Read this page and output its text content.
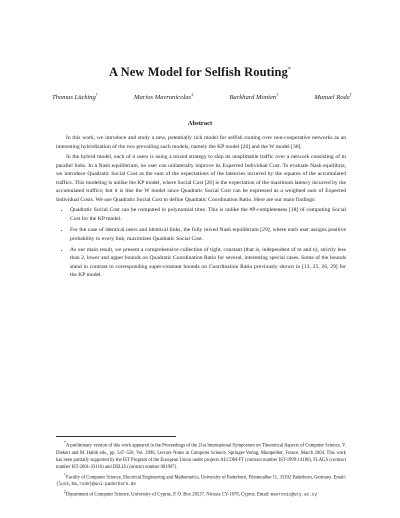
A New Model for Selfish Routing*
Thomas Lücking†	Marios Mavronicolas‡	Burkhard Monien†	Manuel Rode†
Abstract

In this work, we introduce and study a new, potentially rich model for selfish routing over non-cooperative networks as an interesting hybridization of the two prevailing such models, namely the KP model [26] and the W model [36].

In the hybrid model, each of n users is using a mixed strategy to ship its unsplittable traffic over a network consisting of m parallel links. In a Nash equilibrium, no user can unilaterally improve its Expected Individual Cost. To evaluate Nash equilibria, we introduce Quadratic Social Cost as the sum of the expectations of the latencies incurred by the squares of the accumulated traffics. This modeling is unlike the KP model, where Social Cost [26] is the expectation of the maximum latency incurred by the accumulated traffics; but it is like the W model since Quadratic Social Cost can be expressed as a weighted sum of Expected Individual Costs. We use Quadratic Social Cost to define Quadratic Coordination Ratio. Here are our main findings:

• Quadratic Social Cost can be computed in polynomial time. This is unlike the #P-completeness [18] of computing Social Cost for the KP model.
• For the case of identical users and identical links, the fully mixed Nash equilibrium [29], where each user assigns positive probability to every link, maximizes Quadratic Social Cost.
• As our main result, we present a comprehensive collection of tight, constant (that is, independent of m and n), strictly less than 2, lower and upper bounds on Quadratic Coordination Ratio for several, interesting special cases. Some of the bounds stand in contrast to corresponding super-constant bounds on Coordination Ratio previously shown in [13, 25, 26, 29] for the KP model.

*A preliminary version of this work appeared in the Proceedings of the 21st International Symposium on Theoretical Aspects of Computer Science, V. Diekert and M. Habib eds., pp. 547–558, Vol. 2996, Lecture Notes in Computer Science, Springer-Verlag, Montpellier, France, March 2004. This work has been partially supported by the IST Program of the European Union under projects ALCOM-FT (contract number IST-1999-14186), FLAGS (contract number IST-2001-33116) and DELIS (contract number 001907).

†Faculty of Computer Science, Electrical Engineering and Mathematics, University of Paderborn, Fürstenallee 11, 33102 Paderborn, Germany. Email: {luck,bm,rode}@uni-paderborn.de

‡Department of Computer Science, University of Cyprus, P. O. Box 20537, Nicosia CY-1678, Cyprus. Email: mavronic@ucy.ac.cy
